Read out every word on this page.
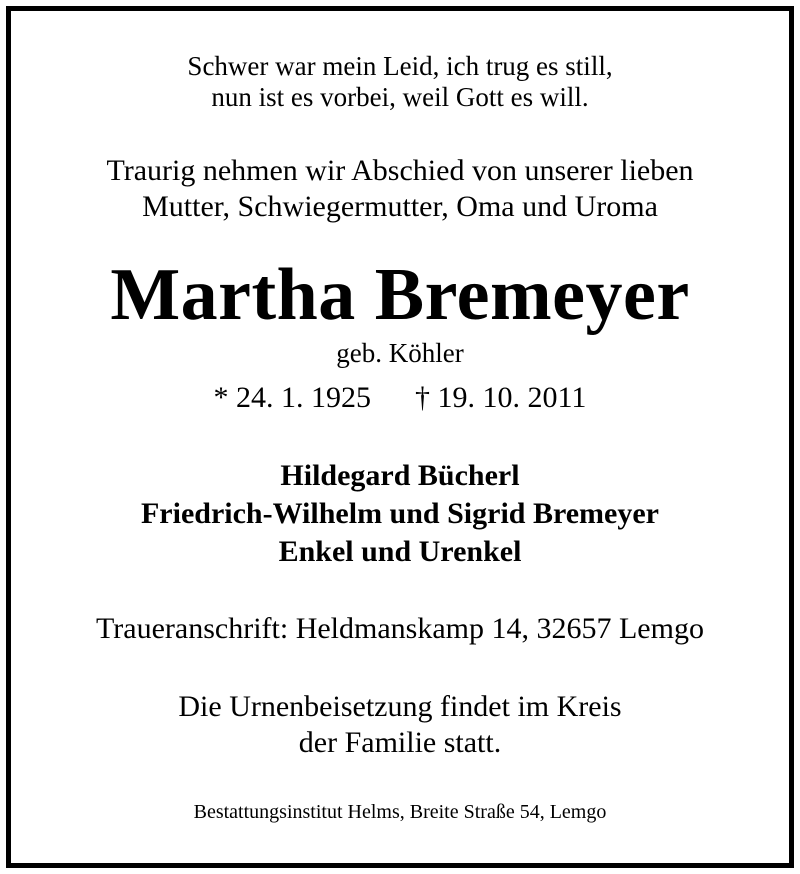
Schwer war mein Leid, ich trug es still,
nun ist es vorbei, weil Gott es will.
Traurig nehmen wir Abschied von unserer lieben
Mutter, Schwiegermutter, Oma und Uroma
Martha Bremeyer
geb. Köhler
* 24. 1. 1925 † 19. 10. 2011
Hildegard Bücherl
Friedrich-Wilhelm und Sigrid Bremeyer
Enkel und Urenkel
Traueranschrift: Heldmanskamp 14, 32657 Lemgo
Die Urnenbeisetzung findet im Kreis
der Familie statt.
Bestattungsinstitut Helms, Breite Straße 54, Lemgo
